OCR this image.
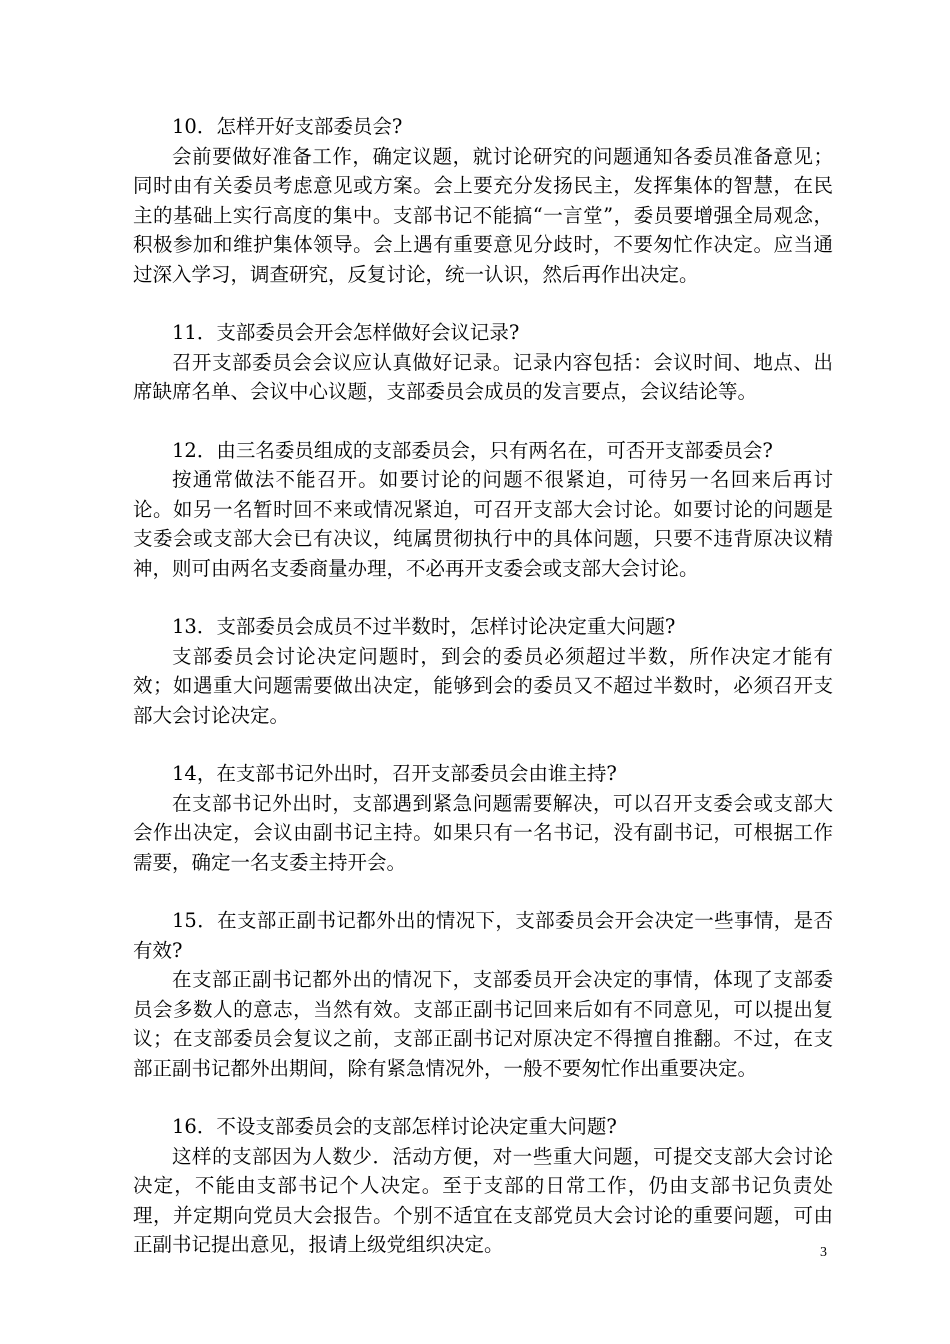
10．怎样开好支部委员会?

会前要做好准备工作，确定议题，就讨论研究的问题通知各委员准备意见；同时由有关委员考虑意见或方案。会上要充分发扬民主，发挥集体的智慧，在民主的基础上实行高度的集中。支部书记不能搞“一言堂”，委员要增强全局观念，积极参加和维护集体领导。会上遇有重要意见分歧时，不要匆忙作决定。应当通过深入学习，调查研究，反复讨论，统一认识，然后再作出决定。

11．支部委员会开会怎样做好会议记录?

召开支部委员会会议应认真做好记录。记录内容包括：会议时间、地点、出席缺席名单、会议中心议题，支部委员会成员的发言要点，会议结论等。

12．由三名委员组成的支部委员会，只有两名在，可否开支部委员会?

按通常做法不能召开。如要讨论的问题不很紧迫，可待另一名回来后再讨论。如另一名暂时回不来或情况紧迫，可召开支部大会讨论。如要讨论的问题是支委会或支部大会已有决议，纯属贯彻执行中的具体问题，只要不违背原决议精神，则可由两名支委商量办理，不必再开支委会或支部大会讨论。

13．支部委员会成员不过半数时，怎样讨论决定重大问题?

支部委员会讨论决定问题时，到会的委员必须超过半数，所作决定才能有效；如遇重大问题需要做出决定，能够到会的委员又不超过半数时，必须召开支部大会讨论决定。

14，在支部书记外出时，召开支部委员会由谁主持?

在支部书记外出时，支部遇到紧急问题需要解决，可以召开支委会或支部大会作出决定，会议由副书记主持。如果只有一名书记，没有副书记，可根据工作需要，确定一名支委主持开会。

15．在支部正副书记都外出的情况下，支部委员会开会决定一些事情，是否有效?

在支部正副书记都外出的情况下，支部委员开会决定的事情，体现了支部委员会多数人的意志，当然有效。支部正副书记回来后如有不同意见，可以提出复议；在支部委员会复议之前，支部正副书记对原决定不得擅自推翻。不过，在支部正副书记都外出期间，除有紧急情况外，一般不要匆忙作出重要决定。

16．不设支部委员会的支部怎样讨论决定重大问题?

这样的支部因为人数少．活动方便，对一些重大问题，可提交支部大会讨论决定，不能由支部书记个人决定。至于支部的日常工作，仍由支部书记负责处理，并定期向党员大会报告。个别不适宜在支部党员大会讨论的重要问题，可由正副书记提出意见，报请上级党组织决定。	3
